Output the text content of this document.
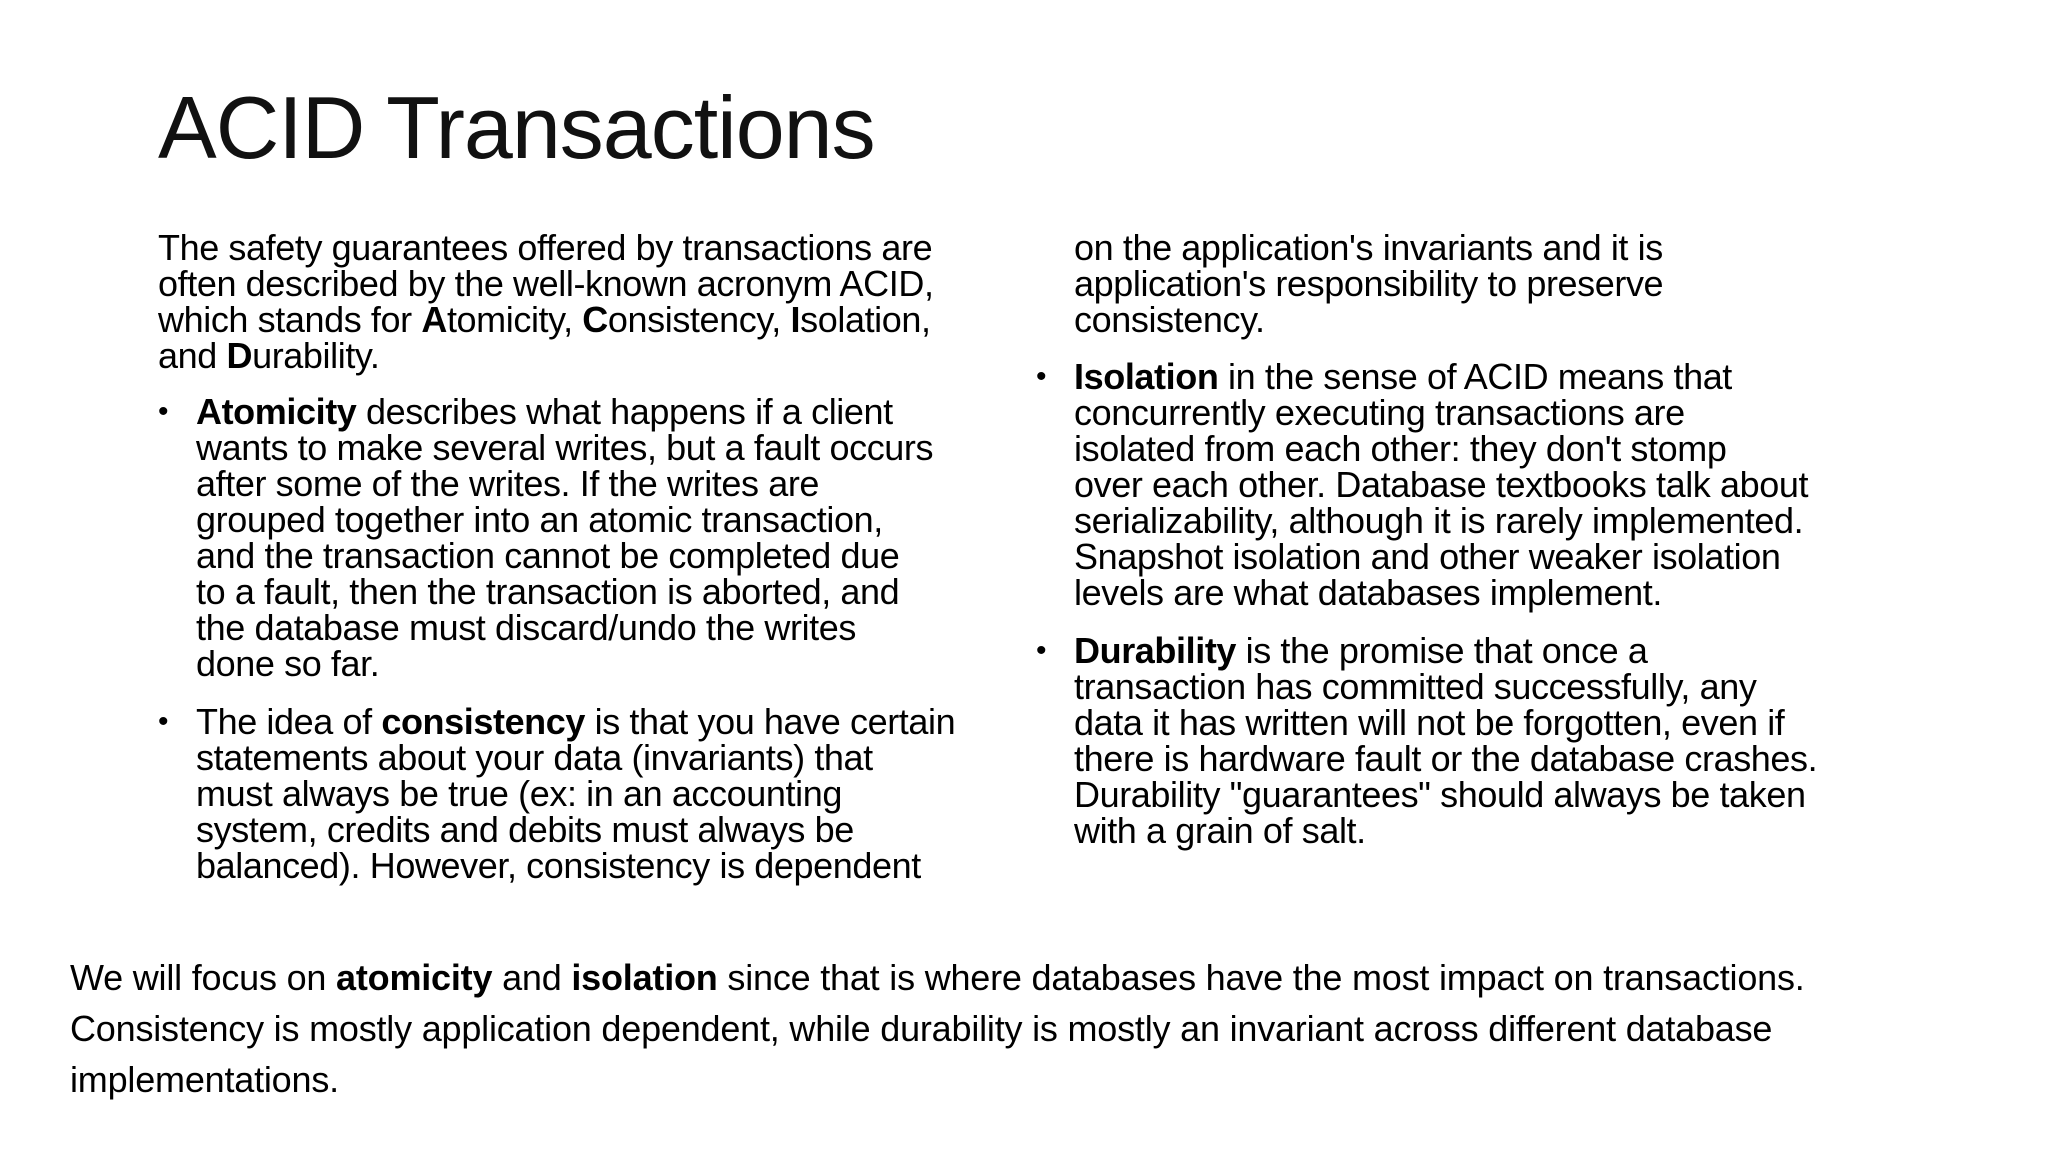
ACID Transactions
The safety guarantees offered by transactions are
often described by the well-known acronym ACID,
which stands for Atomicity, Consistency, Isolation,
and Durability.
• Atomicity describes what happens if a client
wants to make several writes, but a fault occurs
after some of the writes. If the writes are
grouped together into an atomic transaction,
and the transaction cannot be completed due
to a fault, then the transaction is aborted, and
the database must discard/undo the writes
done so far.
• The idea of consistency is that you have certain
statements about your data (invariants) that
must always be true (ex: in an accounting
system, credits and debits must always be
balanced). However, consistency is dependent
on the application's invariants and it is
application's responsibility to preserve
consistency.
• Isolation in the sense of ACID means that
concurrently executing transactions are
isolated from each other: they don't stomp
over each other. Database textbooks talk about
serializability, although it is rarely implemented.
Snapshot isolation and other weaker isolation
levels are what databases implement.
• Durability is the promise that once a
transaction has committed successfully, any
data it has written will not be forgotten, even if
there is hardware fault or the database crashes.
Durability "guarantees" should always be taken
with a grain of salt.
We will focus on atomicity and isolation since that is where databases have the most impact on transactions.
Consistency is mostly application dependent, while durability is mostly an invariant across different database
implementations.
